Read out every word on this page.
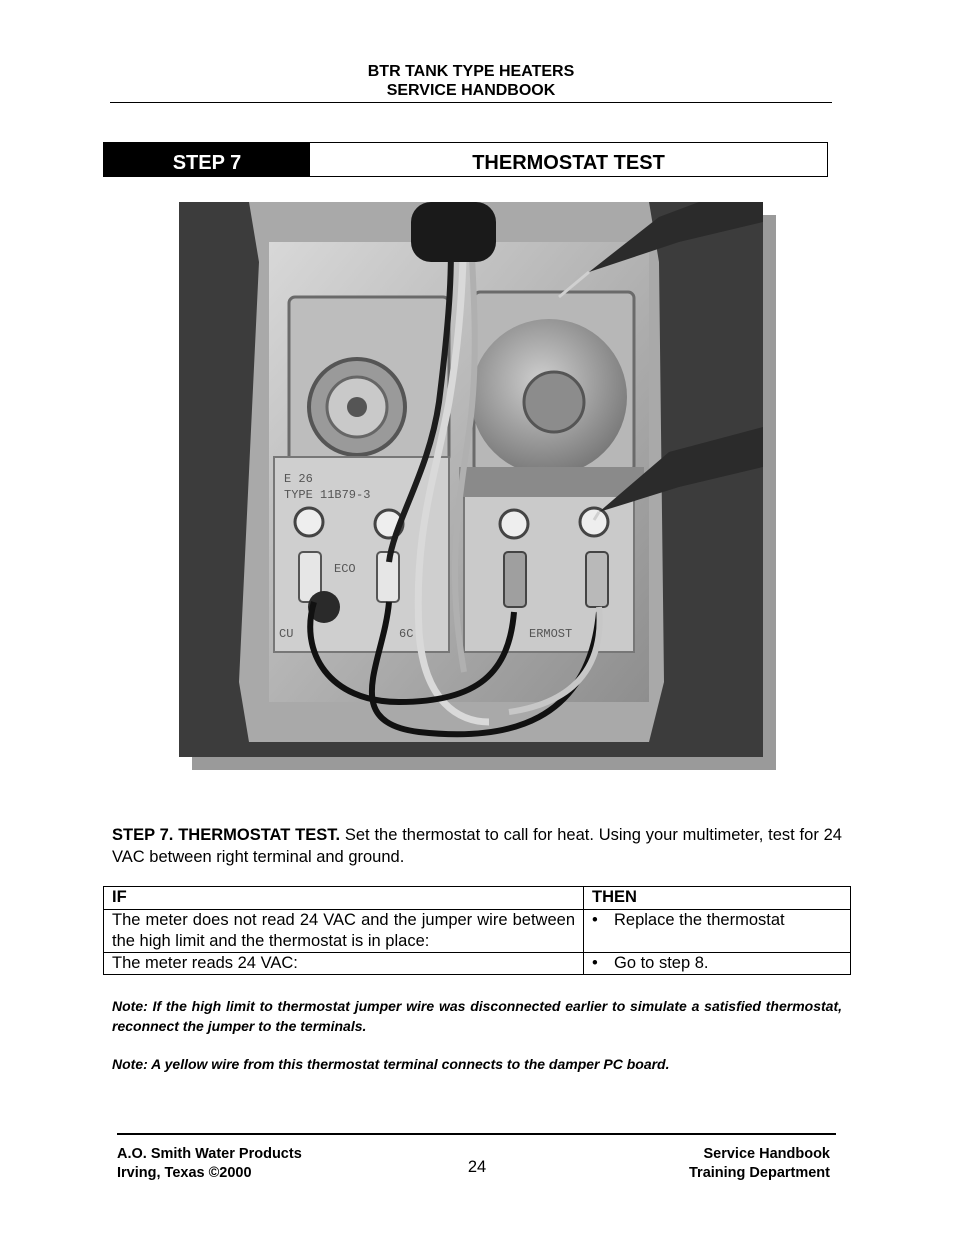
BTR TANK TYPE HEATERS
SERVICE HANDBOOK
STEP 7	THERMOSTAT TEST
E 26
TYPE 11B79-3
ECO
CU	6C	ERMOST
STEP 7. THERMOSTAT TEST. Set the thermostat to call for heat. Using your multimeter, test for 24 VAC between right terminal and ground.
IF	THEN
The meter does not read 24 VAC and the jumper wire between the high limit and the thermostat is in place:	• Replace the thermostat
The meter reads 24 VAC:	• Go to step 8.
Note: If the high limit to thermostat jumper wire was disconnected earlier to simulate a satisfied thermostat, reconnect the jumper to the terminals.
Note: A yellow wire from this thermostat terminal connects to the damper PC board.
A.O. Smith Water Products
Irving, Texas ©2000	24
Service Handbook
Training Department
